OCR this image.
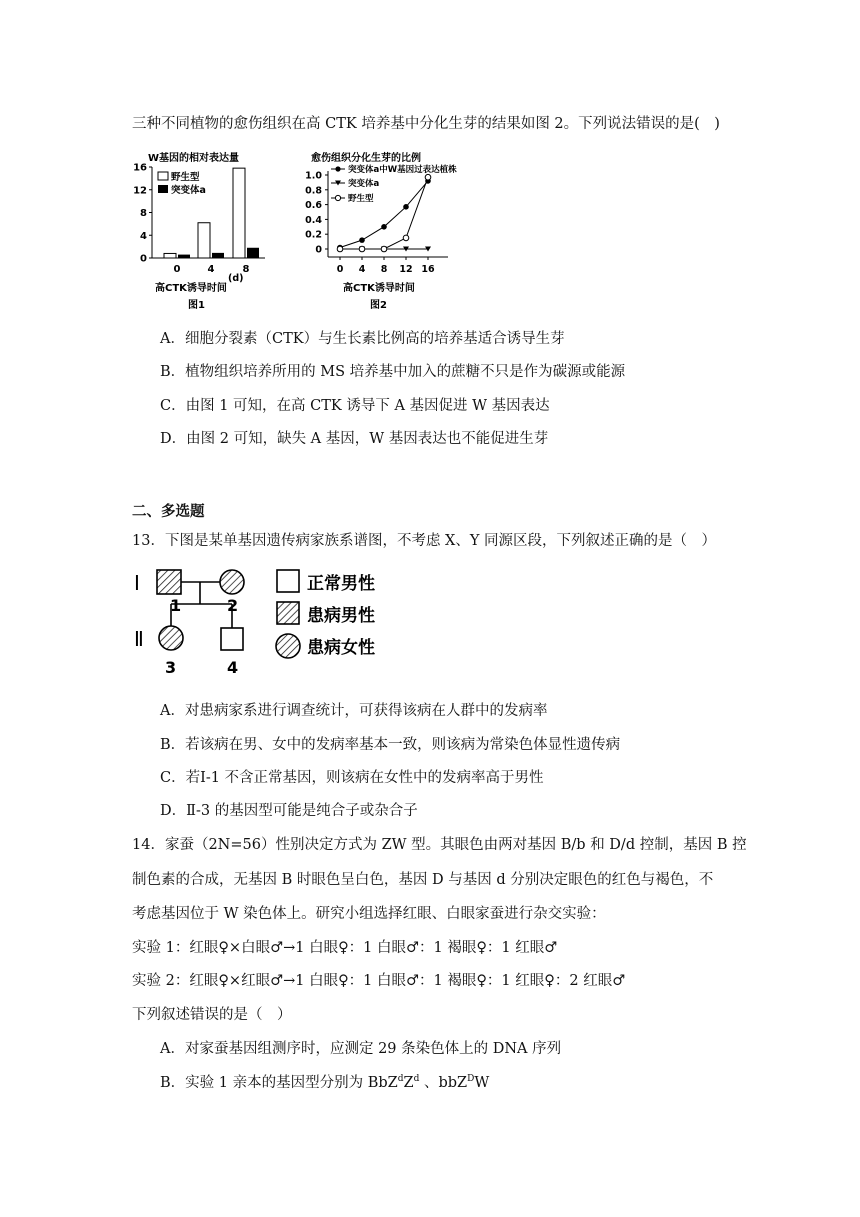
三种不同植物的愈伤组织在高 CTK 培养基中分化生芽的结果如图 2。下列说法错误的是(　)
W基因的相对表达量
0
4
8
12
16
0	4	8
野生型
突变体a
(d)
高CTK诱导时间
图1
愈伤组织分化生芽的比例
0
0.2
0.4
0.6
0.8
1.0
0 4 8 12 16
突变体a中W基因过表达植株
突变体a
野生型
高CTK诱导时间
图2
A．细胞分裂素（CTK）与生长素比例高的培养基适合诱导生芽
B．植物组织培养所用的 MS 培养基中加入的蔗糖不只是作为碳源或能源
C．由图 1 可知，在高 CTK 诱导下 A 基因促进 W 基因表达
D．由图 2 可知，缺失 A 基因，W 基因表达也不能促进生芽
二、多选题
13．下图是某单基因遗传病家族系谱图，不考虑 X、Y 同源区段，下列叙述正确的是（　）
Ⅰ
Ⅱ
1	2
3	4
正常男性
患病男性
患病女性
A．对患病家系进行调查统计，可获得该病在人群中的发病率
B．若该病在男、女中的发病率基本一致，则该病为常染色体显性遗传病
C．若Ⅰ-1 不含正常基因，则该病在女性中的发病率高于男性
D．Ⅱ-3 的基因型可能是纯合子或杂合子
14．家蚕（2N=56）性别决定方式为 ZW 型。其眼色由两对基因 B/b 和 D/d 控制，基因 B 控
制色素的合成，无基因 B 时眼色呈白色，基因 D 与基因 d 分别决定眼色的红色与褐色，不
考虑基因位于 W 染色体上。研究小组选择红眼、白眼家蚕进行杂交实验：
实验 1：红眼♀×白眼♂→1 白眼♀：1 白眼♂：1 褐眼♀：1 红眼♂
实验 2：红眼♀×红眼♂→1 白眼♀：1 白眼♂：1 褐眼♀：1 红眼♀：2 红眼♂
下列叙述错误的是（　）
A．对家蚕基因组测序时，应测定 29 条染色体上的 DNA 序列
B．实验 1 亲本的基因型分别为 $BbZ^dZ^d$ 、bbZ$^D$W
